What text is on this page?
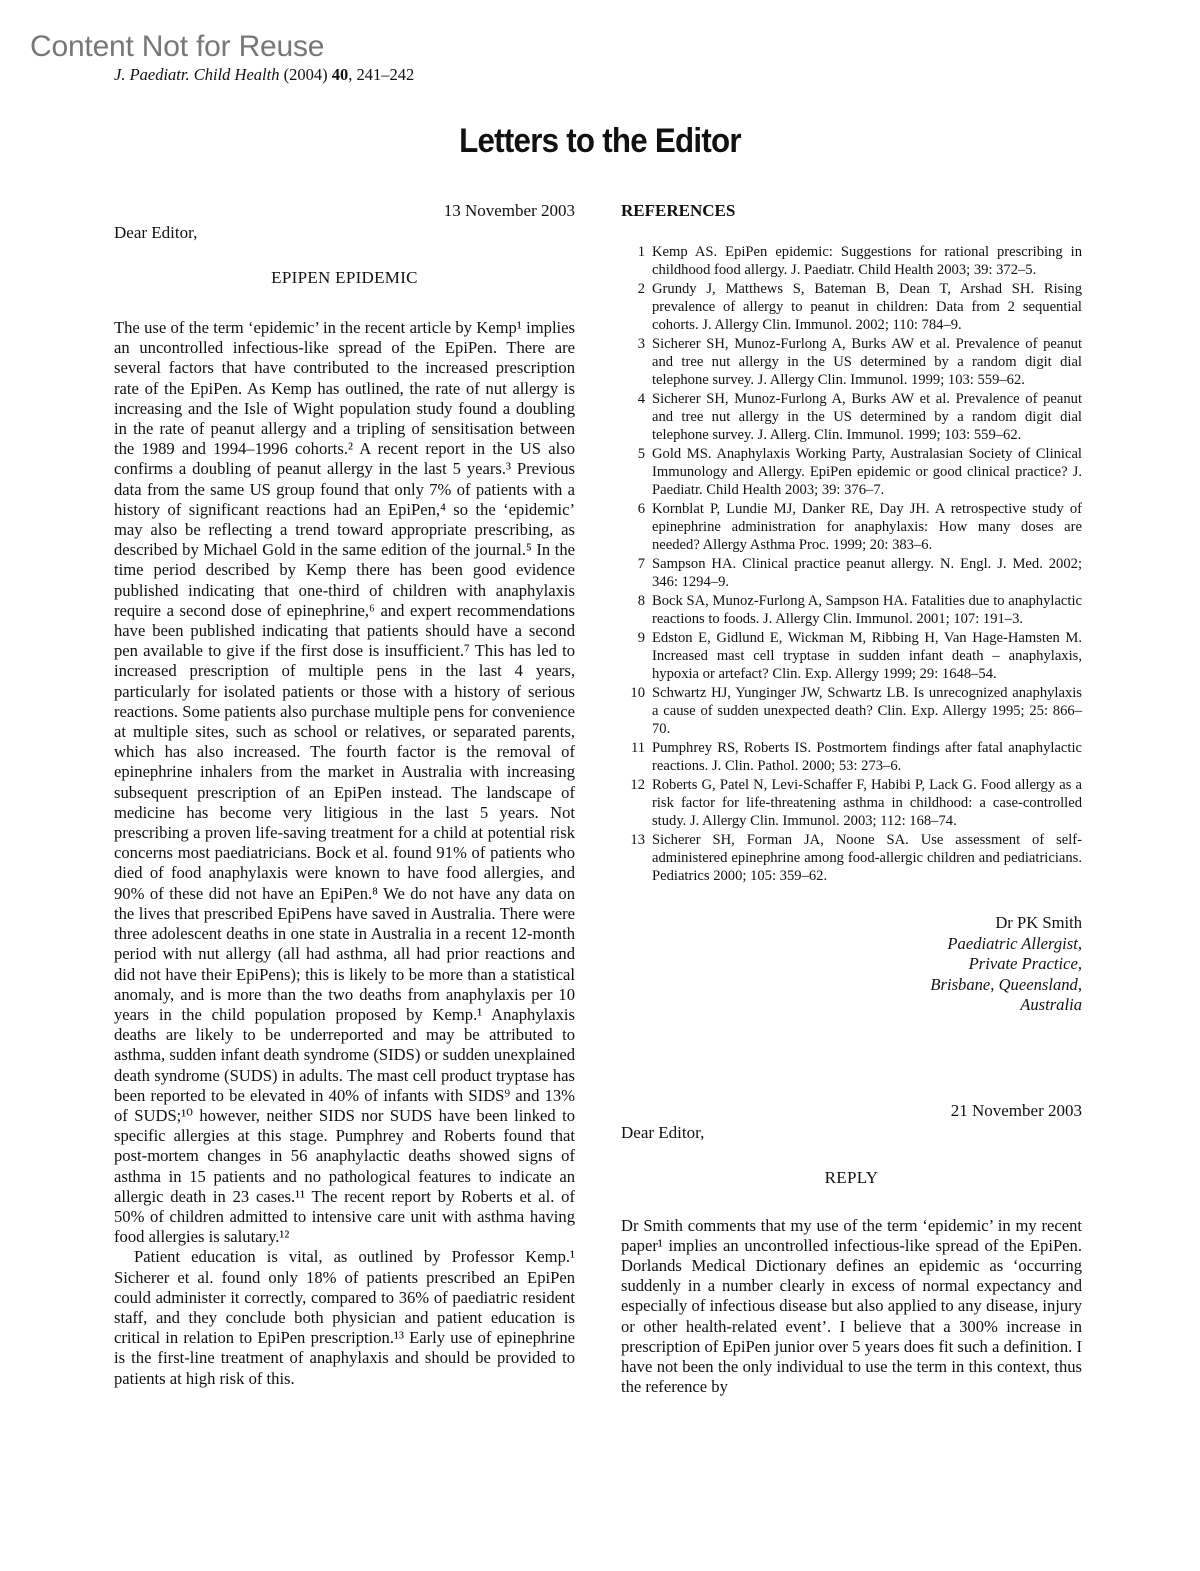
Content Not for Reuse
J. Paediatr. Child Health (2004) 40, 241–242
Letters to the Editor
13 November 2003
Dear Editor,
EPIPEN EPIDEMIC

The use of the term ‘epidemic’ in the recent article by Kemp¹ implies an uncontrolled infectious-like spread of the EpiPen. There are several factors that have contributed to the increased prescription rate of the EpiPen. As Kemp has outlined, the rate of nut allergy is increasing and the Isle of Wight population study found a doubling in the rate of peanut allergy and a tripling of sensitisation between the 1989 and 1994–1996 cohorts.² A recent report in the US also confirms a doubling of peanut allergy in the last 5 years.³ Previous data from the same US group found that only 7% of patients with a history of significant reactions had an EpiPen,⁴ so the ‘epidemic’ may also be reflecting a trend toward appropriate prescribing, as described by Michael Gold in the same edition of the journal.⁵ In the time period described by Kemp there has been good evidence published indicating that one-third of children with anaphylaxis require a second dose of epinephrine,⁶ and expert recommendations have been published indicating that patients should have a second pen available to give if the first dose is insufficient.⁷ This has led to increased prescription of multiple pens in the last 4 years, particularly for isolated patients or those with a history of serious reactions. Some patients also purchase multiple pens for convenience at multiple sites, such as school or relatives, or separated parents, which has also increased. The fourth factor is the removal of epinephrine inhalers from the market in Australia with increasing subsequent prescription of an EpiPen instead. The landscape of medicine has become very litigious in the last 5 years. Not prescribing a proven life-saving treatment for a child at potential risk concerns most paediatricians. Bock et al. found 91% of patients who died of food anaphylaxis were known to have food allergies, and 90% of these did not have an EpiPen.⁸ We do not have any data on the lives that prescribed EpiPens have saved in Australia. There were three adolescent deaths in one state in Australia in a recent 12-month period with nut allergy (all had asthma, all had prior reactions and did not have their EpiPens); this is likely to be more than a statistical anomaly, and is more than the two deaths from anaphylaxis per 10 years in the child population proposed by Kemp.¹ Anaphylaxis deaths are likely to be underreported and may be attributed to asthma, sudden infant death syndrome (SIDS) or sudden unexplained death syndrome (SUDS) in adults. The mast cell product tryptase has been reported to be elevated in 40% of infants with SIDS⁹ and 13% of SUDS;¹⁰ however, neither SIDS nor SUDS have been linked to specific allergies at this stage. Pumphrey and Roberts found that post-mortem changes in 56 anaphylactic deaths showed signs of asthma in 15 patients and no pathological features to indicate an allergic death in 23 cases.¹¹ The recent report by Roberts et al. of 50% of children admitted to intensive care unit with asthma having food allergies is salutary.¹²

Patient education is vital, as outlined by Professor Kemp.¹ Sicherer et al. found only 18% of patients prescribed an EpiPen could administer it correctly, compared to 36% of paediatric resident staff, and they conclude both physician and patient education is critical in relation to EpiPen prescription.¹³ Early use of epinephrine is the first-line treatment of anaphylaxis and should be provided to patients at high risk of this.

REFERENCES
1 Kemp AS. EpiPen epidemic: Suggestions for rational prescribing in childhood food allergy. J. Paediatr. Child Health 2003; 39: 372–5.
2 Grundy J, Matthews S, Bateman B, Dean T, Arshad SH. Rising prevalence of allergy to peanut in children: Data from 2 sequential cohorts. J. Allergy Clin. Immunol. 2002; 110: 784–9.
3 Sicherer SH, Munoz-Furlong A, Burks AW et al. Prevalence of peanut and tree nut allergy in the US determined by a random digit dial telephone survey. J. Allergy Clin. Immunol. 1999; 103: 559–62.
4 Sicherer SH, Munoz-Furlong A, Burks AW et al. Prevalence of peanut and tree nut allergy in the US determined by a random digit dial telephone survey. J. Allerg. Clin. Immunol. 1999; 103: 559–62.
5 Gold MS. Anaphylaxis Working Party, Australasian Society of Clinical Immunology and Allergy. EpiPen epidemic or good clinical practice? J. Paediatr. Child Health 2003; 39: 376–7.
6 Kornblat P, Lundie MJ, Danker RE, Day JH. A retrospective study of epinephrine administration for anaphylaxis: How many doses are needed? Allergy Asthma Proc. 1999; 20: 383–6.
7 Sampson HA. Clinical practice peanut allergy. N. Engl. J. Med. 2002; 346: 1294–9.
8 Bock SA, Munoz-Furlong A, Sampson HA. Fatalities due to anaphylactic reactions to foods. J. Allergy Clin. Immunol. 2001; 107: 191–3.
9 Edston E, Gidlund E, Wickman M, Ribbing H, Van Hage-Hamsten M. Increased mast cell tryptase in sudden infant death – anaphylaxis, hypoxia or artefact? Clin. Exp. Allergy 1999; 29: 1648–54.
10 Schwartz HJ, Yunginger JW, Schwartz LB. Is unrecognized anaphylaxis a cause of sudden unexpected death? Clin. Exp. Allergy 1995; 25: 866–70.
11 Pumphrey RS, Roberts IS. Postmortem findings after fatal anaphylactic reactions. J. Clin. Pathol. 2000; 53: 273–6.
12 Roberts G, Patel N, Levi-Schaffer F, Habibi P, Lack G. Food allergy as a risk factor for life-threatening asthma in childhood: a case-controlled study. J. Allergy Clin. Immunol. 2003; 112: 168–74.
13 Sicherer SH, Forman JA, Noone SA. Use assessment of self-administered epinephrine among food-allergic children and pediatricians. Pediatrics 2000; 105: 359–62.
Dr PK Smith
Paediatric Allergist,
Private Practice,
Brisbane, Queensland,
Australia
21 November 2003
Dear Editor,
REPLY

Dr Smith comments that my use of the term ‘epidemic’ in my recent paper¹ implies an uncontrolled infectious-like spread of the EpiPen. Dorlands Medical Dictionary defines an epidemic as ‘occurring suddenly in a number clearly in excess of normal expectancy and especially of infectious disease but also applied to any disease, injury or other health-related event’. I believe that a 300% increase in prescription of EpiPen junior over 5 years does fit such a definition. I have not been the only individual to use the term in this context, thus the reference by
